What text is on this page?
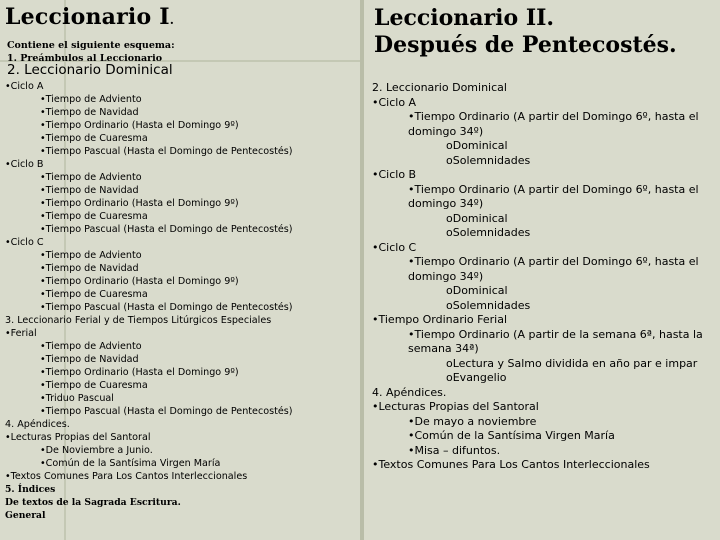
Leccionario I.
Contiene el siguiente esquema:
1. Preámbulos al Leccionario
2. Leccionario Dominical
•Ciclo A
•Tiempo de Adviento
•Tiempo de Navidad
•Tiempo Ordinario (Hasta el Domingo 9º)
•Tiempo de Cuaresma
•Tiempo Pascual (Hasta el Domingo de Pentecostés)
•Ciclo B
•Tiempo de Adviento
•Tiempo de Navidad
•Tiempo Ordinario (Hasta el Domingo 9º)
•Tiempo de Cuaresma
•Tiempo Pascual (Hasta el Domingo de Pentecostés)
•Ciclo C
•Tiempo de Adviento
•Tiempo de Navidad
•Tiempo Ordinario (Hasta el Domingo 9º)
•Tiempo de Cuaresma
•Tiempo Pascual (Hasta el Domingo de Pentecostés)
3. Leccionario Ferial y de Tiempos Litúrgicos Especiales
•Ferial
•Tiempo de Adviento
•Tiempo de Navidad
•Tiempo Ordinario (Hasta el Domingo 9º)
•Tiempo de Cuaresma
•Triduo Pascual
•Tiempo Pascual (Hasta el Domingo de Pentecostés)
4. Apéndices.
•Lecturas Propias del Santoral
•De Noviembre a Junio.
•Común de la Santísima Virgen María
•Textos Comunes Para Los Cantos Interleccionales
5. Índices
De textos de la Sagrada Escritura.
General
Leccionario II.
Después de Pentecostés.
2. Leccionario Dominical
•Ciclo A
•Tiempo Ordinario (A partir del Domingo 6º, hasta el
domingo 34º)
oDominical
oSolemnidades
•Ciclo B
•Tiempo Ordinario (A partir del Domingo 6º, hasta el
domingo 34º)
oDominical
oSolemnidades
•Ciclo C
•Tiempo Ordinario (A partir del Domingo 6º, hasta el
domingo 34º)
oDominical
oSolemnidades
•Tiempo Ordinario Ferial
•Tiempo Ordinario (A partir de la semana 6ª, hasta la
semana 34ª)
oLectura y Salmo dividida en año par e impar
oEvangelio
4. Apéndices.
•Lecturas Propias del Santoral
•De mayo a noviembre
•Común de la Santísima Virgen María
•Misa – difuntos.
•Textos Comunes Para Los Cantos Interleccionales
